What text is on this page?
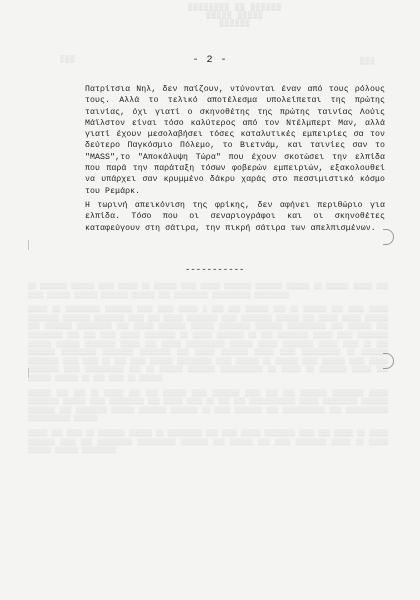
▒▒▒▒▒▒▒▒ ▒▒ ▒▒▒▒▒▒
▒▒▒▒▒ ▒▒▒▒▒
▒▒▒▒▒▒
▒▒▒	▒▒▒
- 2 -

Πατρίτσια Νηλ, δεν παίζουν, ντύνονται έναν από τους ρόλους τους. Αλλά το τελικό αποτέλεσμα υπολείπεται της πρώτης ταινίας, όχι γιατί ο σκηνοθέτης της πρώτης ταινίας Λούις Μάϊλστον είναι τόσο καλύτερος από τον Ντέλμπερτ Μαν, αλλά γιατί έχουν μεσολαβήσει τόσες καταλυτικές εμπειρίες σα τον δεύτερο Παγκόσμιο Πόλεμο, το Βιετνάμ, και ταινίες σαν το "MASS",το "Αποκάλυψη Τώρα" που έχουν σκοτώσει την ελπίδα που παρά την παράταξη τόσων φοβερών εμπειριών, εξακολουθεί να υπάρχει σαν κρυμμένο δάκρυ χαράς στο πεσσιμιστικό κόσμο του Ρεμάρκ.

Η τωρινή απεικόνιση της φρίκης, δεν αφήνει περιθώριο για ελπίδα. Τόσο που οι σεναριογράφοι και οι σκηνοθέτες καταφεύγουν στη σάτιρα, την πικρή σάτιρα των απελπισμένων.

-----------

▒▒ ▒▒▒▒▒▒▒ ▒▒▒▒▒▒ ▒▒▒▒ ▒▒▒▒▒ ▒▒ ▒▒▒▒▒▒ ▒▒▒▒ ▒▒▒▒▒ ▒▒▒▒▒▒▒ ▒▒▒▒▒▒▒ ▒▒▒▒▒▒ ▒▒ ▒▒▒▒▒▒ ▒▒▒▒▒ ▒▒▒ ▒▒▒▒ ▒▒▒▒▒▒ ▒▒▒▒▒▒ ▒▒▒▒▒▒▒ ▒▒▒▒▒▒ ▒▒▒ ▒▒▒▒▒▒▒▒▒ ▒▒▒▒▒▒▒▒▒▒ ▒▒▒▒▒▒▒▒▒

▒▒▒▒▒ ▒▒ ▒▒▒▒▒▒▒▒▒ ▒▒▒▒▒▒▒ ▒▒▒▒ ▒▒▒▒ ▒▒▒▒▒ ▒ ▒▒▒ ▒▒▒ ▒▒▒▒▒▒ ▒▒▒ ▒▒ ▒▒▒▒▒▒ ▒▒▒ ▒▒▒▒ ▒▒▒▒▒ ▒▒▒▒▒▒▒▒ ▒▒▒▒▒▒▒ ▒▒▒▒▒▒▒▒ ▒▒▒▒ ▒▒▒ ▒▒▒▒▒ ▒▒▒▒▒▒▒▒ ▒▒▒▒ ▒▒▒▒▒▒▒▒ ▒▒▒▒▒▒ ▒▒▒ ▒▒▒▒▒ ▒▒▒▒▒ ▒▒▒▒▒▒ ▒▒▒ ▒▒▒▒▒▒▒ ▒▒▒▒▒▒▒▒▒ ▒▒▒ ▒▒▒▒▒ ▒▒▒▒▒▒▒ ▒▒▒▒▒▒ ▒▒▒▒▒▒▒▒ ▒▒▒▒▒▒▒ ▒▒▒▒▒▒▒▒▒▒ ▒▒▒ ▒▒▒▒▒▒ ▒▒▒ ▒▒▒▒▒▒▒▒▒ ▒▒▒ ▒▒▒ ▒▒▒▒ ▒▒▒▒▒ ▒▒▒▒▒▒▒▒ ▒▒ ▒▒▒▒▒ ▒▒▒▒▒▒▒ ▒▒ ▒▒▒ ▒▒▒▒▒▒▒▒ ▒▒▒▒▒ ▒▒▒▒ ▒▒▒▒▒▒▒▒ ▒▒▒▒▒▒ ▒▒▒▒▒▒ ▒▒▒▒▒▒▒▒ ▒▒▒▒▒ ▒▒▒ ▒▒▒▒▒ ▒▒▒▒▒▒▒▒▒▒ ▒▒▒▒▒▒ ▒▒▒▒▒ ▒▒▒▒▒▒▒▒ ▒▒▒▒▒ ▒▒▒▒ ▒▒ ▒▒▒ ▒▒▒▒▒▒▒ ▒▒▒▒▒▒▒▒▒ ▒▒▒▒▒▒▒▒ ▒▒▒▒▒▒▒▒ ▒▒▒ ▒▒▒▒▒ ▒▒▒▒▒▒▒ ▒▒▒▒▒ ▒▒▒▒ ▒▒▒▒▒▒▒▒▒▒ ▒▒ ▒▒▒▒▒▒▒ ▒▒▒▒▒▒▒▒ ▒▒▒▒ ▒▒▒▒ ▒▒ ▒▒▒ ▒▒▒▒ ▒▒▒▒▒▒ ▒▒▒▒▒▒▒▒▒ ▒▒▒▒ ▒▒▒▒▒▒ ▒▒ ▒▒▒▒▒▒ ▒▒▒▒ ▒▒▒▒▒▒ ▒▒▒▒ ▒▒▒▒▒ ▒▒▒▒▒▒▒▒ ▒▒▒▒ ▒▒▒▒▒▒▒▒▒▒ ▒▒▒ ▒▒ ▒▒▒▒▒▒ ▒▒▒▒▒▒▒ ▒▒▒▒▒▒▒▒▒▒▒ ▒▒ ▒▒▒▒▒ ▒▒ ▒▒▒▒▒▒▒ ▒▒▒▒▒ ▒▒▒ ▒▒▒▒▒▒ ▒▒▒▒▒▒ ▒▒ ▒▒▒ ▒▒▒▒ ▒▒ ▒▒▒▒▒▒

▒▒▒▒▒▒ ▒▒▒ ▒▒▒ ▒▒ ▒▒▒▒▒ ▒▒▒ ▒▒▒ ▒▒▒▒▒▒ ▒▒▒▒ ▒▒▒▒▒▒▒ ▒▒▒▒ ▒▒▒ ▒▒▒ ▒▒▒▒▒▒▒ ▒▒▒▒▒▒▒▒ ▒▒▒▒▒ ▒▒▒▒▒▒▒▒ ▒▒▒▒▒▒ ▒▒▒▒ ▒▒▒▒▒▒▒▒▒ ▒▒▒ ▒▒▒▒▒ ▒▒▒▒ ▒▒ ▒▒▒ ▒▒▒ ▒▒▒▒▒▒▒▒▒▒▒▒ ▒▒▒▒▒ ▒▒▒▒▒▒▒▒▒ ▒▒▒▒▒▒▒ ▒▒▒▒▒▒▒ ▒▒▒ ▒▒▒▒▒▒▒▒ ▒▒▒▒▒▒ ▒▒▒▒▒▒▒ ▒▒▒▒▒▒▒ ▒▒ ▒▒▒▒ ▒▒▒▒▒▒▒ ▒▒▒ ▒▒▒▒▒▒▒▒▒▒▒ ▒▒▒ ▒▒▒▒▒▒▒▒▒▒▒ ▒▒▒▒▒▒▒▒▒▒▒ ▒▒▒▒▒▒

▒▒▒▒▒ ▒▒▒ ▒▒▒▒ ▒▒ ▒▒▒▒▒▒▒ ▒▒▒▒▒▒ ▒▒ ▒▒▒▒▒▒▒▒▒ ▒▒▒ ▒▒▒▒ ▒▒▒▒▒ ▒▒▒▒▒▒▒▒ ▒▒▒▒ ▒▒▒ ▒▒▒▒▒ ▒▒ ▒▒▒▒▒ ▒▒▒▒▒▒▒ ▒▒▒▒ ▒▒▒ ▒▒▒▒▒▒▒▒▒ ▒▒▒▒▒▒▒▒▒▒ ▒▒▒▒▒▒▒ ▒▒▒ ▒▒▒▒▒▒ ▒▒▒ ▒▒▒▒ ▒▒▒▒▒▒▒▒ ▒▒▒▒▒ ▒▒ ▒▒▒▒▒ ▒▒▒▒▒▒ ▒▒▒▒▒▒ ▒▒▒▒▒▒▒▒▒
